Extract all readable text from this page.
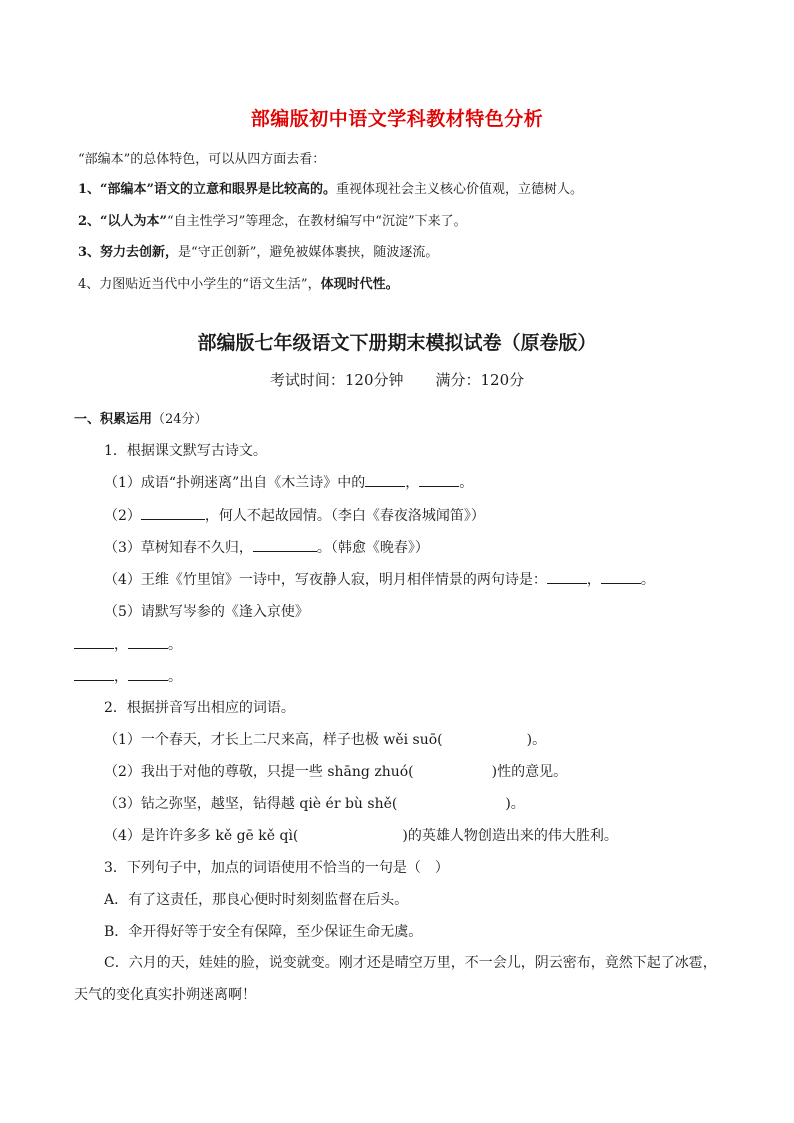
部编版初中语文学科教材特色分析
“部编本”的总体特色，可以从四方面去看：
1、“部编本”语文的立意和眼界是比较高的。重视体现社会主义核心价值观，立德树人。
2、“以人为本”“自主性学习”等理念，在教材编写中“沉淀”下来了。
3、努力去创新，是“守正创新”，避免被媒体裹挟，随波逐流。
4、力图贴近当代中小学生的“语文生活”，体现时代性。
部编版七年级语文下册期末模拟试卷（原卷版）
考试时间：120分钟 满分：120分
一、积累运用（24分）
1．根据课文默写古诗文。
（1）成语“扑朔迷离”出自《木兰诗》中的	，	。
（2）	，何人不起故园情。（李白《春夜洛城闻笛》）
（3）草树知春不久归，	。（韩愈《晚春》）
（4）王维《竹里馆》一诗中，写夜静人寂，明月相伴情景的两句诗是：	，	。
（5）请默写岑参的《逢入京使》
，	。
，	。
2．根据拼音写出相应的词语。
（1）一个春天，才长上二尺来高，样子也极 wěi suō(	)。
（2）我出于对他的尊敬，只提一些 shāng zhuó(	)性的意见。
（3）钻之弥坚，越坚，钻得越 qiè ér bù shě(	)。
（4）是许许多多 kě gē kě qì(	)的英雄人物创造出来的伟大胜利。
3．下列句子中，加点的词语使用不恰当的一句是（　）
A．有了这责任，那良心便时时刻刻监督在后头。
B．伞开得好等于安全有保障，至少保证生命无虞。
C．六月的天，娃娃的脸，说变就变。刚才还是晴空万里，不一会儿，阴云密布，竟然下起了冰雹，
天气的变化真实扑朔迷离啊！
